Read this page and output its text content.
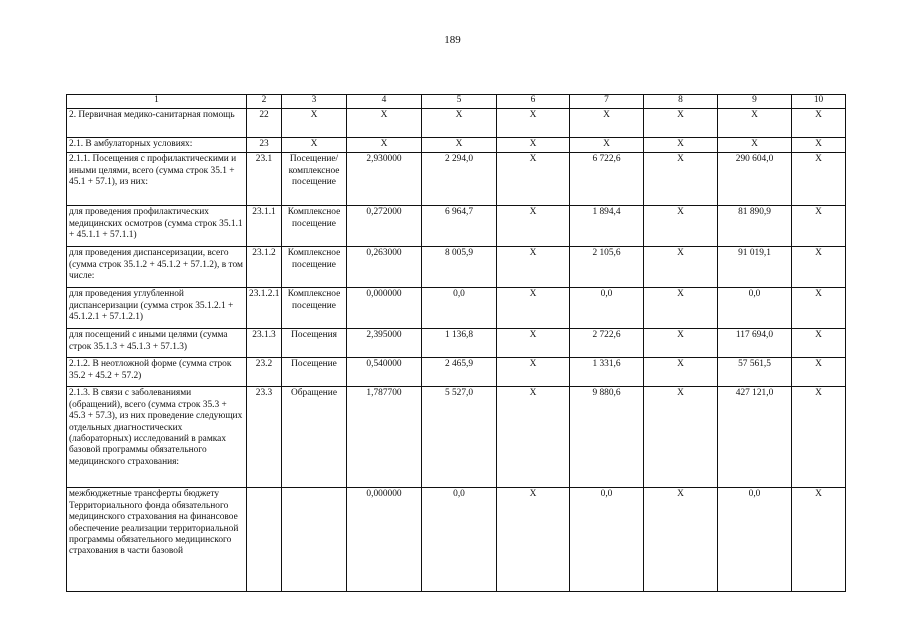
189
1	2	3	4	5	6	7	8	9	10
2. Первичная медико-санитарная помощь	22	Х	Х	Х	Х	Х	Х	Х	Х
2.1. В амбулаторных условиях:	23	Х	Х	Х	Х	Х	Х	Х	Х
2.1.1. Посещения с профилактическими и иными целями, всего (сумма строк 35.1 + 45.1 + 57.1), из них:	23.1	Посещение/ комплексное посещение	2,930000	2 294,0	Х	6 722,6	Х	290 604,0	Х
для проведения профилактических медицинских осмотров (сумма строк 35.1.1 + 45.1.1 + 57.1.1)	23.1.1	Комплексное посещение	0,272000	6 964,7	Х	1 894,4	Х	81 890,9	Х
для проведения диспансеризации, всего (сумма строк 35.1.2 + 45.1.2 + 57.1.2), в том числе:	23.1.2	Комплексное посещение	0,263000	8 005,9	Х	2 105,6	Х	91 019,1	Х
для проведения углубленной диспансеризации (сумма строк 35.1.2.1 + 45.1.2.1 + 57.1.2.1)	23.1.2.1	Комплексное посещение	0,000000	0,0	Х	0,0	Х	0,0	Х
для посещений с иными целями (сумма строк 35.1.3 + 45.1.3 + 57.1.3)	23.1.3	Посещения	2,395000	1 136,8	Х	2 722,6	Х	117 694,0	Х
2.1.2. В неотложной форме (сумма строк 35.2 + 45.2 + 57.2)	23.2	Посещение	0,540000	2 465,9	Х	1 331,6	Х	57 561,5	Х
2.1.3. В связи с заболеваниями (обращений), всего (сумма строк 35.3 + 45.3 + 57.3), из них проведение следующих отдельных диагностических (лабораторных) исследований в рамках базовой программы обязательного медицинского страхования:	23.3	Обращение	1,787700	5 527,0	Х	9 880,6	Х	427 121,0	Х
межбюджетные трансферты бюджету Территориального фонда обязательного медицинского страхования на финансовое обеспечение реализации территориальной программы обязательного медицинского страхования в части базовой			0,000000	0,0	Х	0,0	Х	0,0	Х
